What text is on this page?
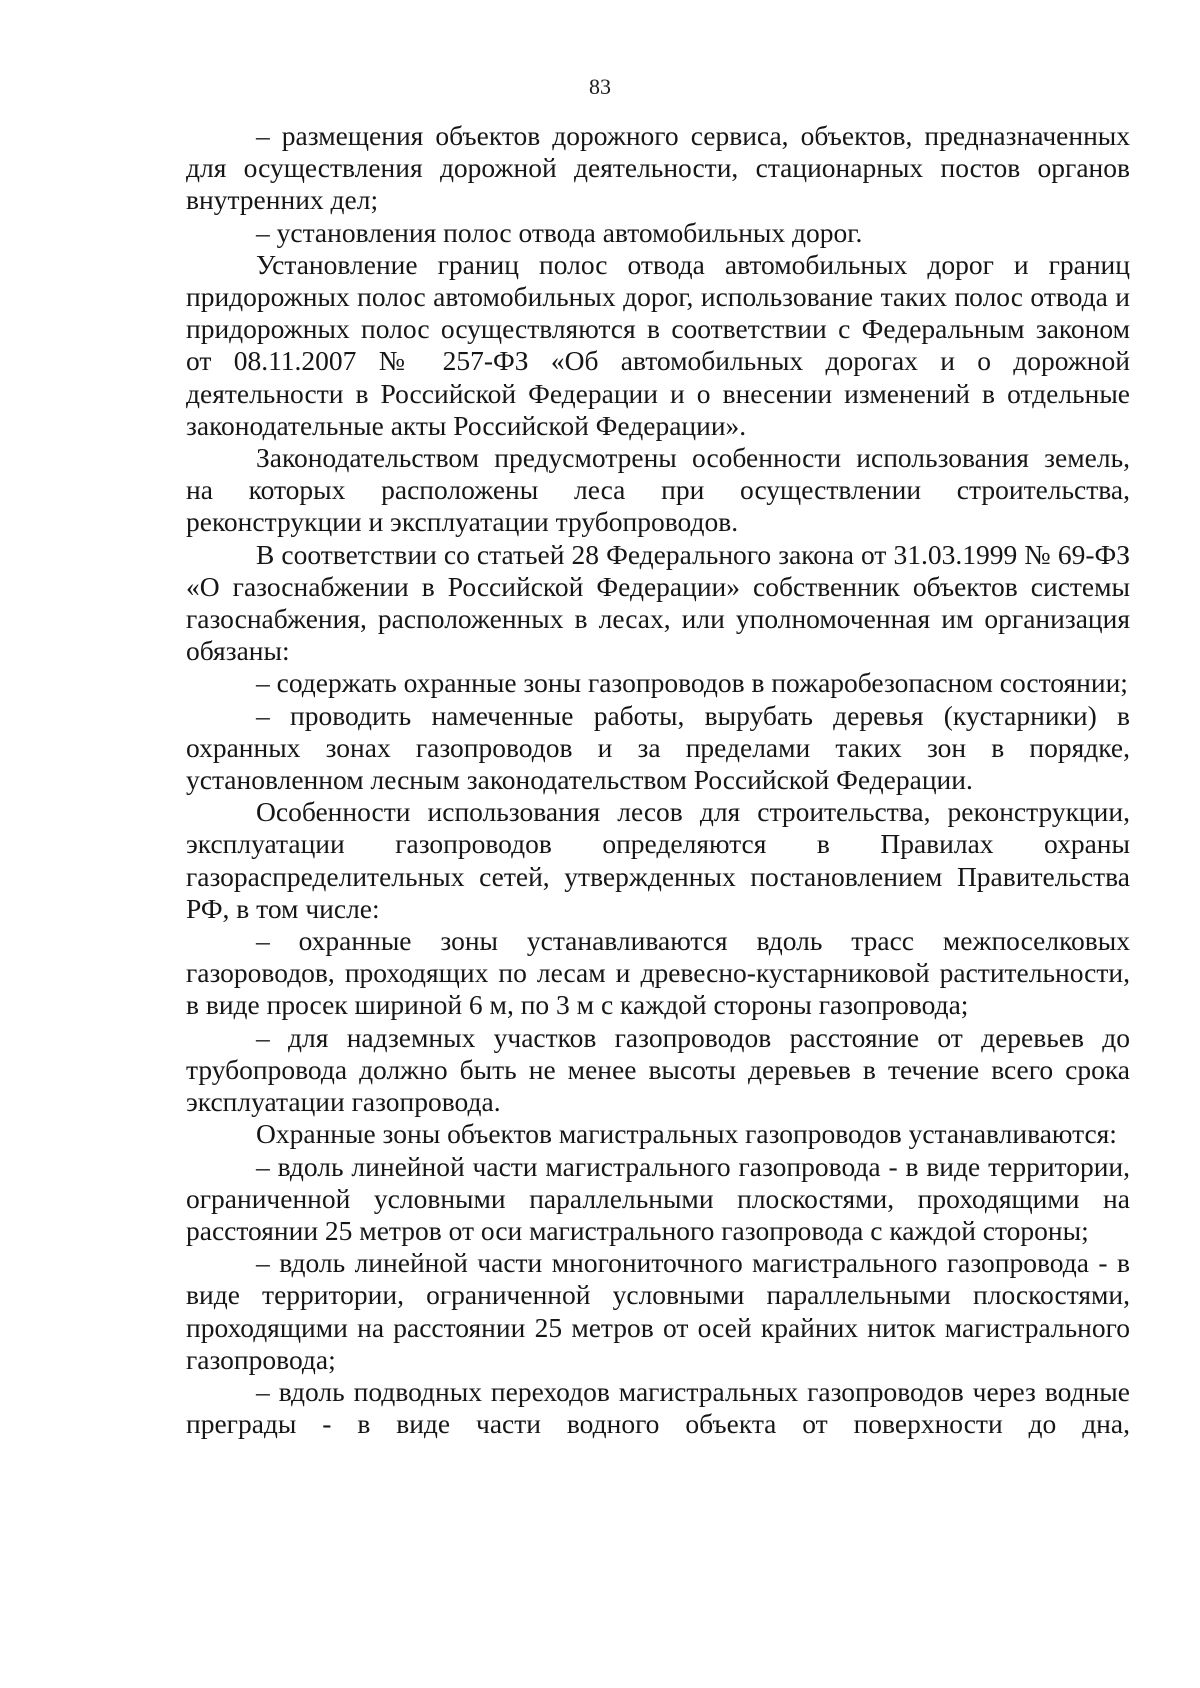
83

– размещения объектов дорожного сервиса, объектов, предназначенных для осуществления дорожной деятельности, стационарных постов органов внутренних дел;

– установления полос отвода автомобильных дорог.

Установление границ полос отвода автомобильных дорог и границ придорожных полос автомобильных дорог, использование таких полос отвода и придорожных полос осуществляются в соответствии с Федеральным законом от 08.11.2007 № 257-ФЗ «Об автомобильных дорогах и о дорожной деятельности в Российской Федерации и о внесении изменений в отдельные законодательные акты Российской Федерации».

Законодательством предусмотрены особенности использования земель, на которых расположены леса при осуществлении строительства, реконструкции и эксплуатации трубопроводов.

В соответствии со статьей 28 Федерального закона от 31.03.1999 № 69-ФЗ «О газоснабжении в Российской Федерации» собственник объектов системы газоснабжения, расположенных в лесах, или уполномоченная им организация обязаны:

– содержать охранные зоны газопроводов в пожаробезопасном состоянии;

– проводить намеченные работы, вырубать деревья (кустарники) в охранных зонах газопроводов и за пределами таких зон в порядке, установленном лесным законодательством Российской Федерации.

Особенности использования лесов для строительства, реконструкции, эксплуатации газопроводов определяются в Правилах охраны газораспределительных сетей, утвержденных постановлением Правительства РФ, в том числе:

– охранные зоны устанавливаются вдоль трасс межпоселковых газороводов, проходящих по лесам и древесно-кустарниковой растительности, в виде просек шириной 6 м, по 3 м с каждой стороны газопровода;

– для надземных участков газопроводов расстояние от деревьев до трубопровода должно быть не менее высоты деревьев в течение всего срока эксплуатации газопровода.

Охранные зоны объектов магистральных газопроводов устанавливаются:

– вдоль линейной части магистрального газопровода - в виде территории, ограниченной условными параллельными плоскостями, проходящими на расстоянии 25 метров от оси магистрального газопровода с каждой стороны;

– вдоль линейной части многониточного магистрального газопровода - в виде территории, ограниченной условными параллельными плоскостями, проходящими на расстоянии 25 метров от осей крайних ниток магистрального газопровода;

– вдоль подводных переходов магистральных газопроводов через водные преграды - в виде части водного объекта от поверхности до дна,
